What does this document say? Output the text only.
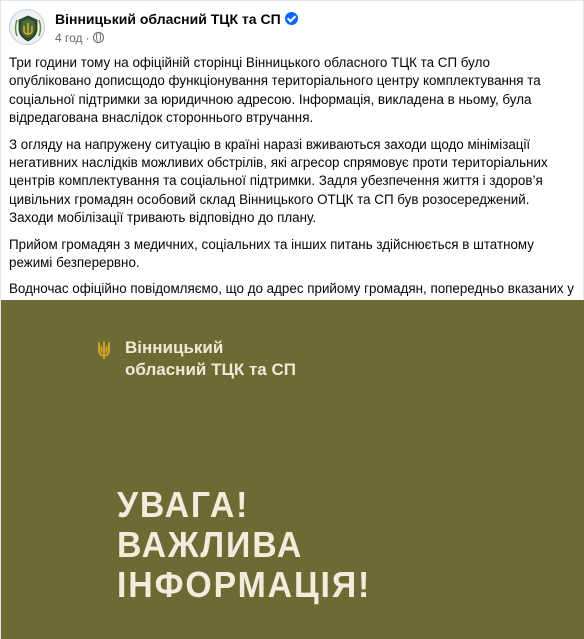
Вінницький обласний ТЦК та СП
4 год ·

Три години тому на офіційній сторінці Вінницького обласного ТЦК та СП було опубліковано дописщодо функціонування територіального центру комплектування та соціальної підтримки за юридичною адресою. Інформація, викладена в ньому, була відредагована внаслідок стороннього втручання.

З огляду на напружену ситуацію в країні наразі вживаються заходи щодо мінімізації негативних наслідків можливих обстрілів, які агресор спрямовує проти територіальних центрів комплектування та соціальної підтримки. Задля убезпечення життя і здоров’я цивільних громадян особовий склад Вінницького ОТЦК та СП був розосереджений. Заходи мобілізації тривають відповідно до плану.

Прийом громадян з медичних, соціальних та інших питань здійснюється в штатному режимі безперервно.

Водночас офіційно повідомляємо, що до адрес прийому громадян, попередньо вказаних у

Вінницький
обласний ТЦК та СП
УВАГА!
ВАЖЛИВА
ІНФОРМАЦІЯ!
